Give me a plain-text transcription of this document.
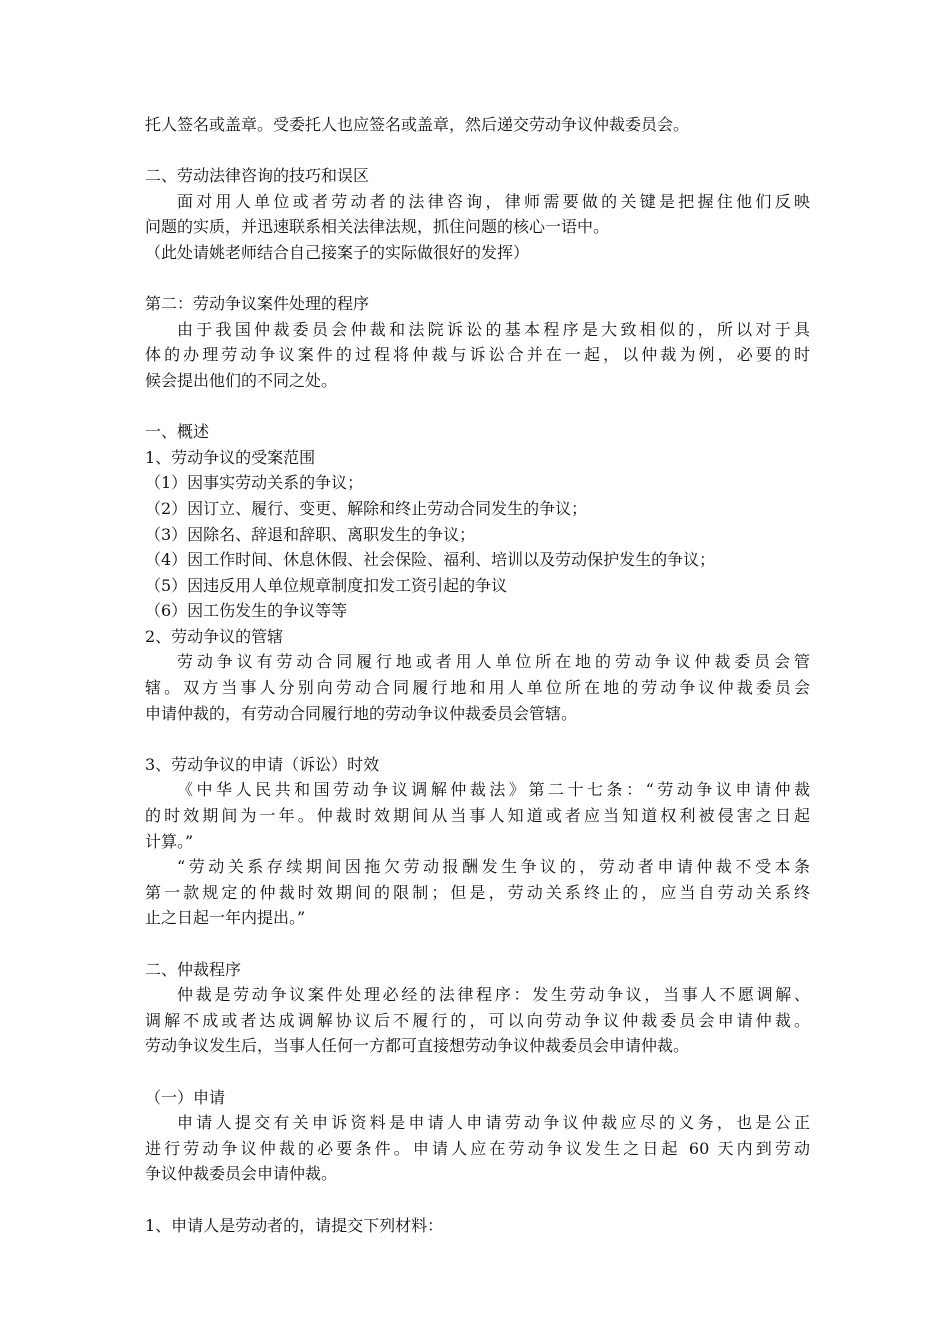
托人签名或盖章。受委托人也应签名或盖章，然后递交劳动争议仲裁委员会。
二、劳动法律咨询的技巧和误区
面对用人单位或者劳动者的法律咨询，律师需要做的关键是把握住他们反映
问题的实质，并迅速联系相关法律法规，抓住问题的核心一语中。
（此处请姚老师结合自己接案子的实际做很好的发挥）
第二：劳动争议案件处理的程序
由于我国仲裁委员会仲裁和法院诉讼的基本程序是大致相似的，所以对于具
体的办理劳动争议案件的过程将仲裁与诉讼合并在一起，以仲裁为例，必要的时
候会提出他们的不同之处。
一、概述
1、劳动争议的受案范围
（1）因事实劳动关系的争议；
（2）因订立、履行、变更、解除和终止劳动合同发生的争议；
（3）因除名、辞退和辞职、离职发生的争议；
（4）因工作时间、休息休假、社会保险、福利、培训以及劳动保护发生的争议；
（5）因违反用人单位规章制度扣发工资引起的争议
（6）因工伤发生的争议等等
2、劳动争议的管辖
劳动争议有劳动合同履行地或者用人单位所在地的劳动争议仲裁委员会管
辖。双方当事人分别向劳动合同履行地和用人单位所在地的劳动争议仲裁委员会
申请仲裁的，有劳动合同履行地的劳动争议仲裁委员会管辖。
3、劳动争议的申请（诉讼）时效
《中华人民共和国劳动争议调解仲裁法》第二十七条：“劳动争议申请仲裁
的时效期间为一年。仲裁时效期间从当事人知道或者应当知道权利被侵害之日起
计算。”
“劳动关系存续期间因拖欠劳动报酬发生争议的，劳动者申请仲裁不受本条
第一款规定的仲裁时效期间的限制；但是，劳动关系终止的，应当自劳动关系终
止之日起一年内提出。”
二、仲裁程序
仲裁是劳动争议案件处理必经的法律程序：发生劳动争议，当事人不愿调解、
调解不成或者达成调解协议后不履行的，可以向劳动争议仲裁委员会申请仲裁。
劳动争议发生后，当事人任何一方都可直接想劳动争议仲裁委员会申请仲裁。
（一）申请
申请人提交有关申诉资料是申请人申请劳动争议仲裁应尽的义务，也是公正
进行劳动争议仲裁的必要条件。申请人应在劳动争议发生之日起 60 天内到劳动
争议仲裁委员会申请仲裁。
1、申请人是劳动者的，请提交下列材料：
